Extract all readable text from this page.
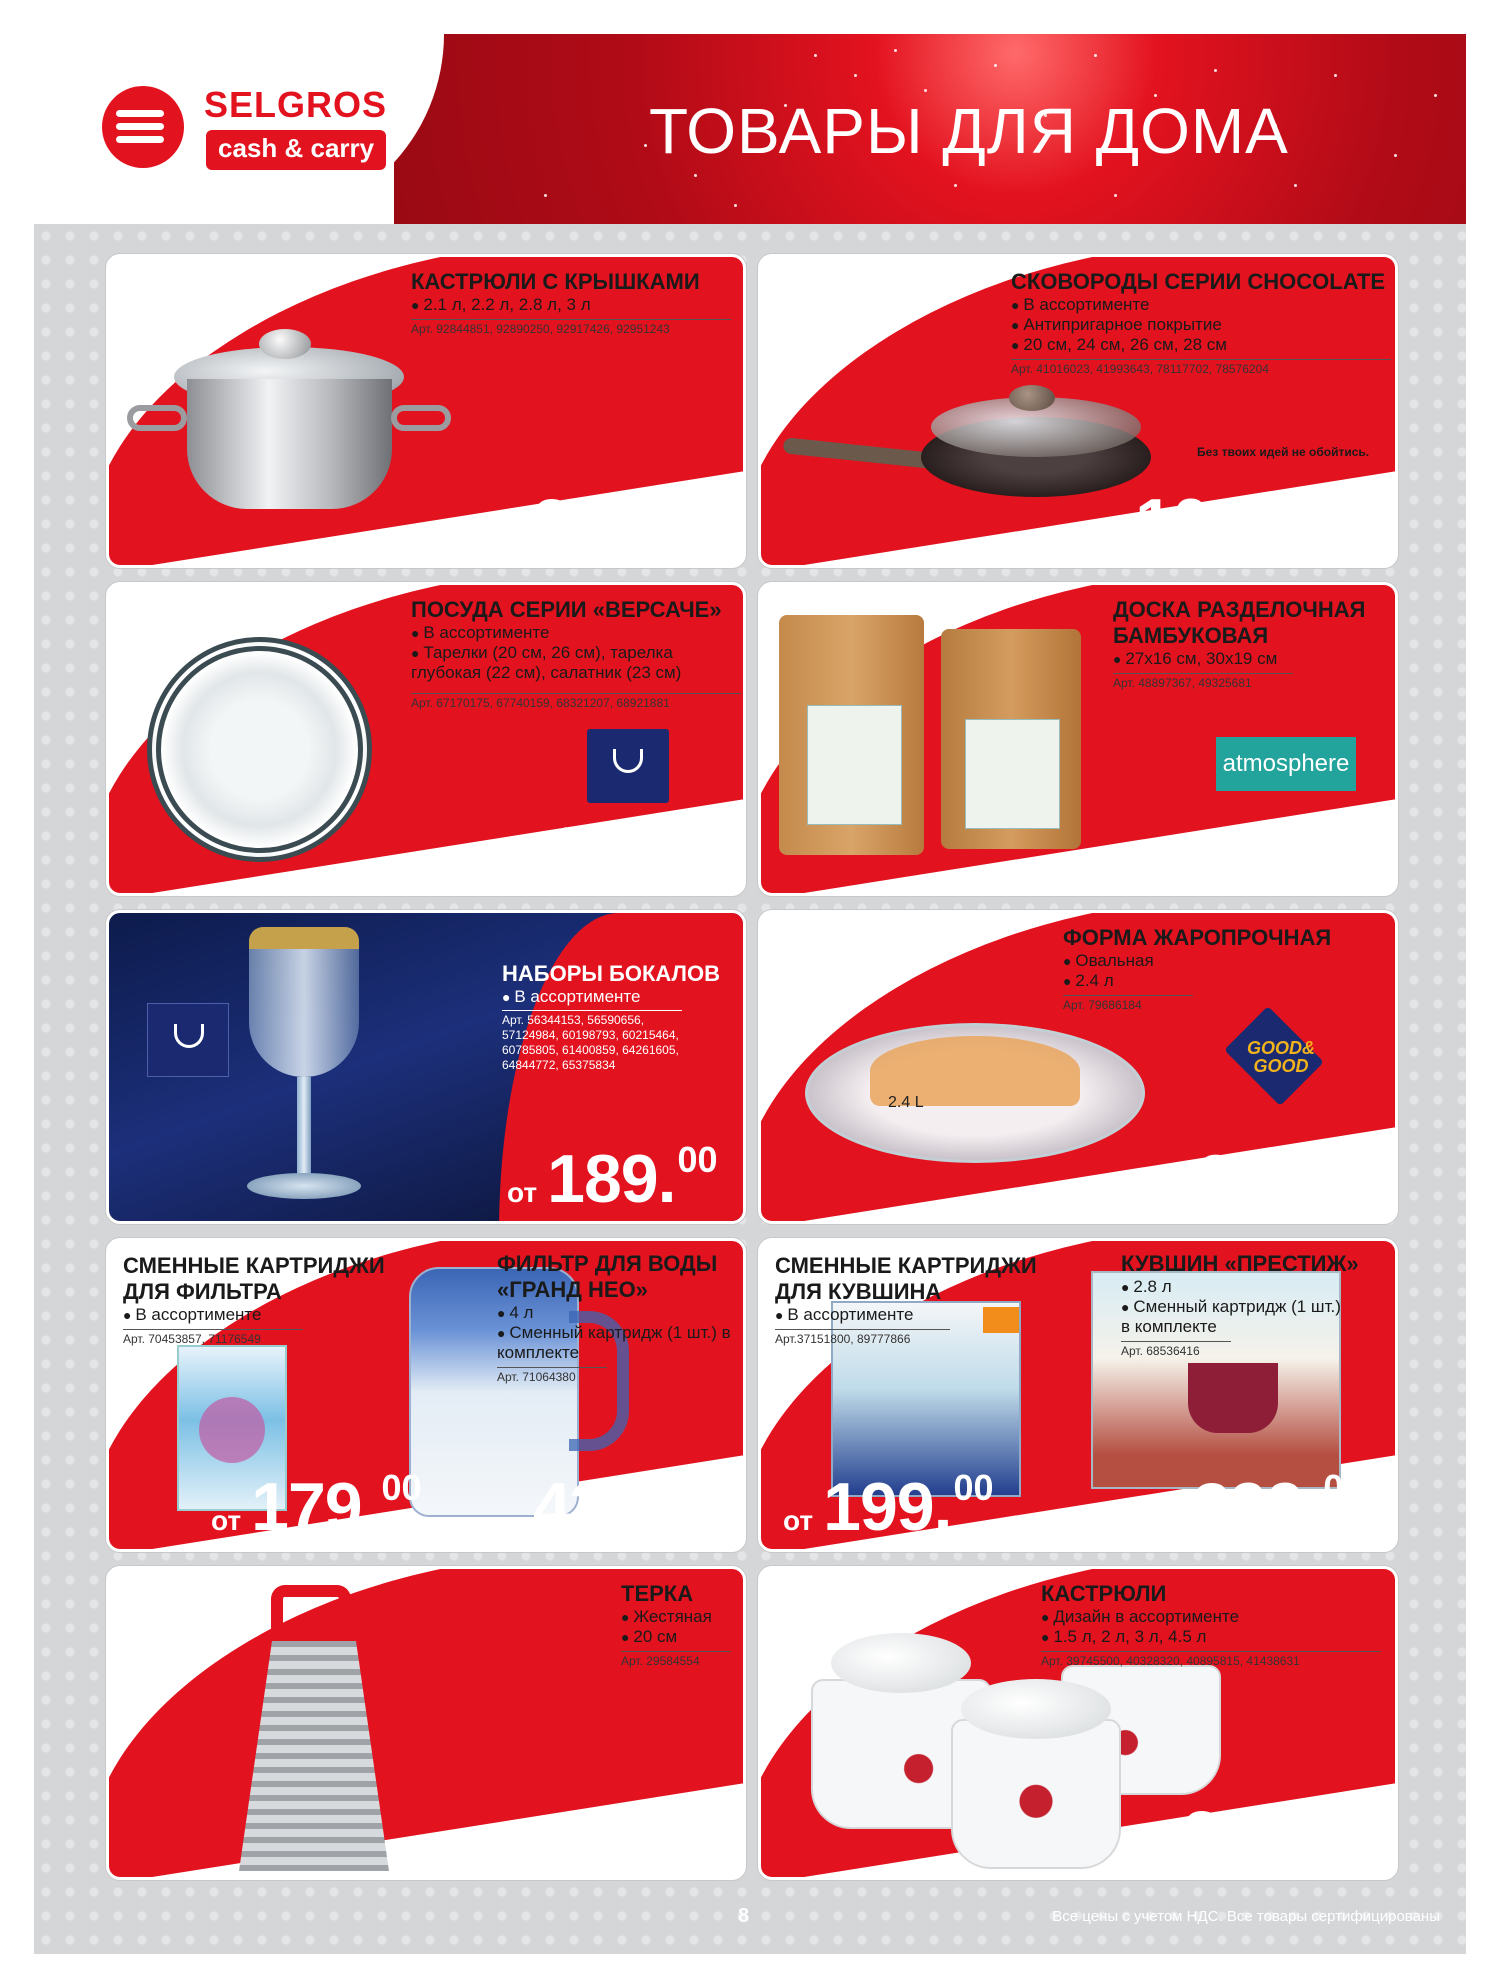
SELGROS
cash & carry	ТОВАРЫ ДЛЯ ДОМА
КАСТРЮЛИ С КРЫШКАМИ
● 2.1 л, 2.2 л, 2.8 л, 3 л
Арт. 92844851, 92890250, 92917426, 92951243
miolla
от 339.00
СКОВОРОДЫ СЕРИИ CHOCOLATE
● В ассортименте
● Антипригарное покрытие
● 20 см, 24 см, 26 см, 28 см
Арт. 41016023, 41993643, 78117702, 78576204
Tefal
Без твоих идей не обойтись.
от 1049.00
ПОСУДА СЕРИИ «ВЕРСАЧЕ»
● В ассортименте
● Тарелки (20 см, 26 см), тарелка глубокая (22 см), салатник (23 см)
Арт. 67170175, 67740159, 68321207, 68921881
от 71.90
ДОСКА РАЗДЕЛОЧНАЯ БАМБУКОВАЯ
● 27x16 см, 30x19 см
Арт. 48897367, 49325681
atmosphere
от 99.90
НАБОРЫ БОКАЛОВ
● В ассортименте
Арт. 56344153, 56590656, 57124984, 60198793, 60215464, 60785805, 61400859, 64261605, 64844772, 65375834
от 189.00
2.4 L
ФОРМА ЖАРОПРОЧНАЯ
● Овальная
● 2.4 л
Арт. 79686184
GOOD& GOOD
239.00
СМЕННЫЕ КАРТРИДЖИ ДЛЯ ФИЛЬТРА
● В ассортименте
Арт. 70453857, 71176549
ФИЛЬТР ДЛЯ ВОДЫ «ГРАНД НЕО»
● 4 л
● Сменный картридж (1 шт.) в комплекте
Арт. 71064380
от 179.00 439.00
СМЕННЫЕ КАРТРИДЖИ ДЛЯ КУВШИНА
● В ассортименте
Арт.37151800, 89777866
КУВШИН «ПРЕСТИЖ»
● 2.8 л
● Сменный картридж (1 шт.) в комплекте
Арт. 68536416
от 199.00	399.00
ТЕРКА
● Жестяная
● 20 см
Арт. 29584554
49.90
КАСТРЮЛИ
● Дизайн в ассортименте
● 1.5 л, 2 л, 3 л, 4.5 л
Арт. 39745500, 40328320, 40895815, 41438631
от 319.00
8	Все цены с учетом НДС. Все товары сертифицированы
